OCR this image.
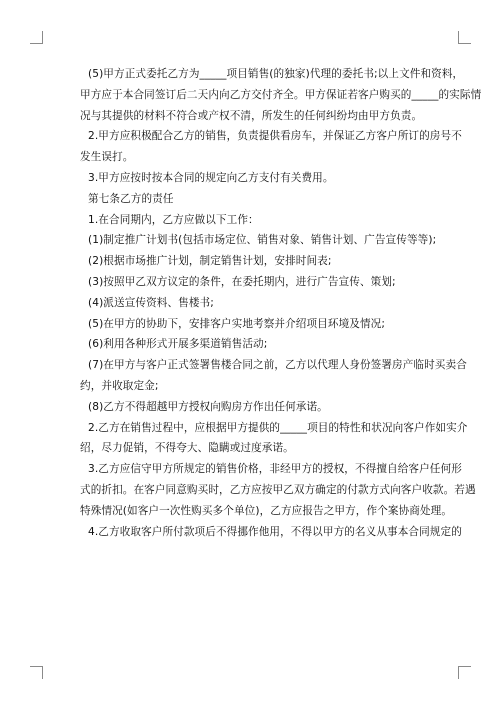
(5)甲方正式委托乙方为_____项目销售(的独家)代理的委托书;以上文件和资料，
甲方应于本合同签订后二天内向乙方交付齐全。甲方保证若客户购买的_____的实际情
况与其提供的材料不符合或产权不清，所发生的任何纠纷均由甲方负责。
2.甲方应积极配合乙方的销售，负责提供看房车，并保证乙方客户所订的房号不
发生误打。
3.甲方应按时按本合同的规定向乙方支付有关费用。
第七条乙方的责任
1.在合同期内，乙方应做以下工作：
(1)制定推广计划书(包括市场定位、销售对象、销售计划、广告宣传等等);
(2)根据市场推广计划，制定销售计划，安排时间表;
(3)按照甲乙双方议定的条件，在委托期内，进行广告宣传、策划;
(4)派送宣传资料、售楼书;
(5)在甲方的协助下，安排客户实地考察并介绍项目环境及情况;
(6)利用各种形式开展多渠道销售活动;
(7)在甲方与客户正式签署售楼合同之前，乙方以代理人身份签署房产临时买卖合
约，并收取定金;
(8)乙方不得超越甲方授权向购房方作出任何承诺。
2.乙方在销售过程中，应根据甲方提供的_____项目的特性和状况向客户作如实介
绍，尽力促销，不得夸大、隐瞒或过度承诺。
3.乙方应信守甲方所规定的销售价格，非经甲方的授权，不得擅自给客户任何形
式的折扣。在客户同意购买时，乙方应按甲乙双方确定的付款方式向客户收款。若遇
特殊情况(如客户一次性购买多个单位)，乙方应报告之甲方，作个案协商处理。
4.乙方收取客户所付款项后不得挪作他用，不得以甲方的名义从事本合同规定的
